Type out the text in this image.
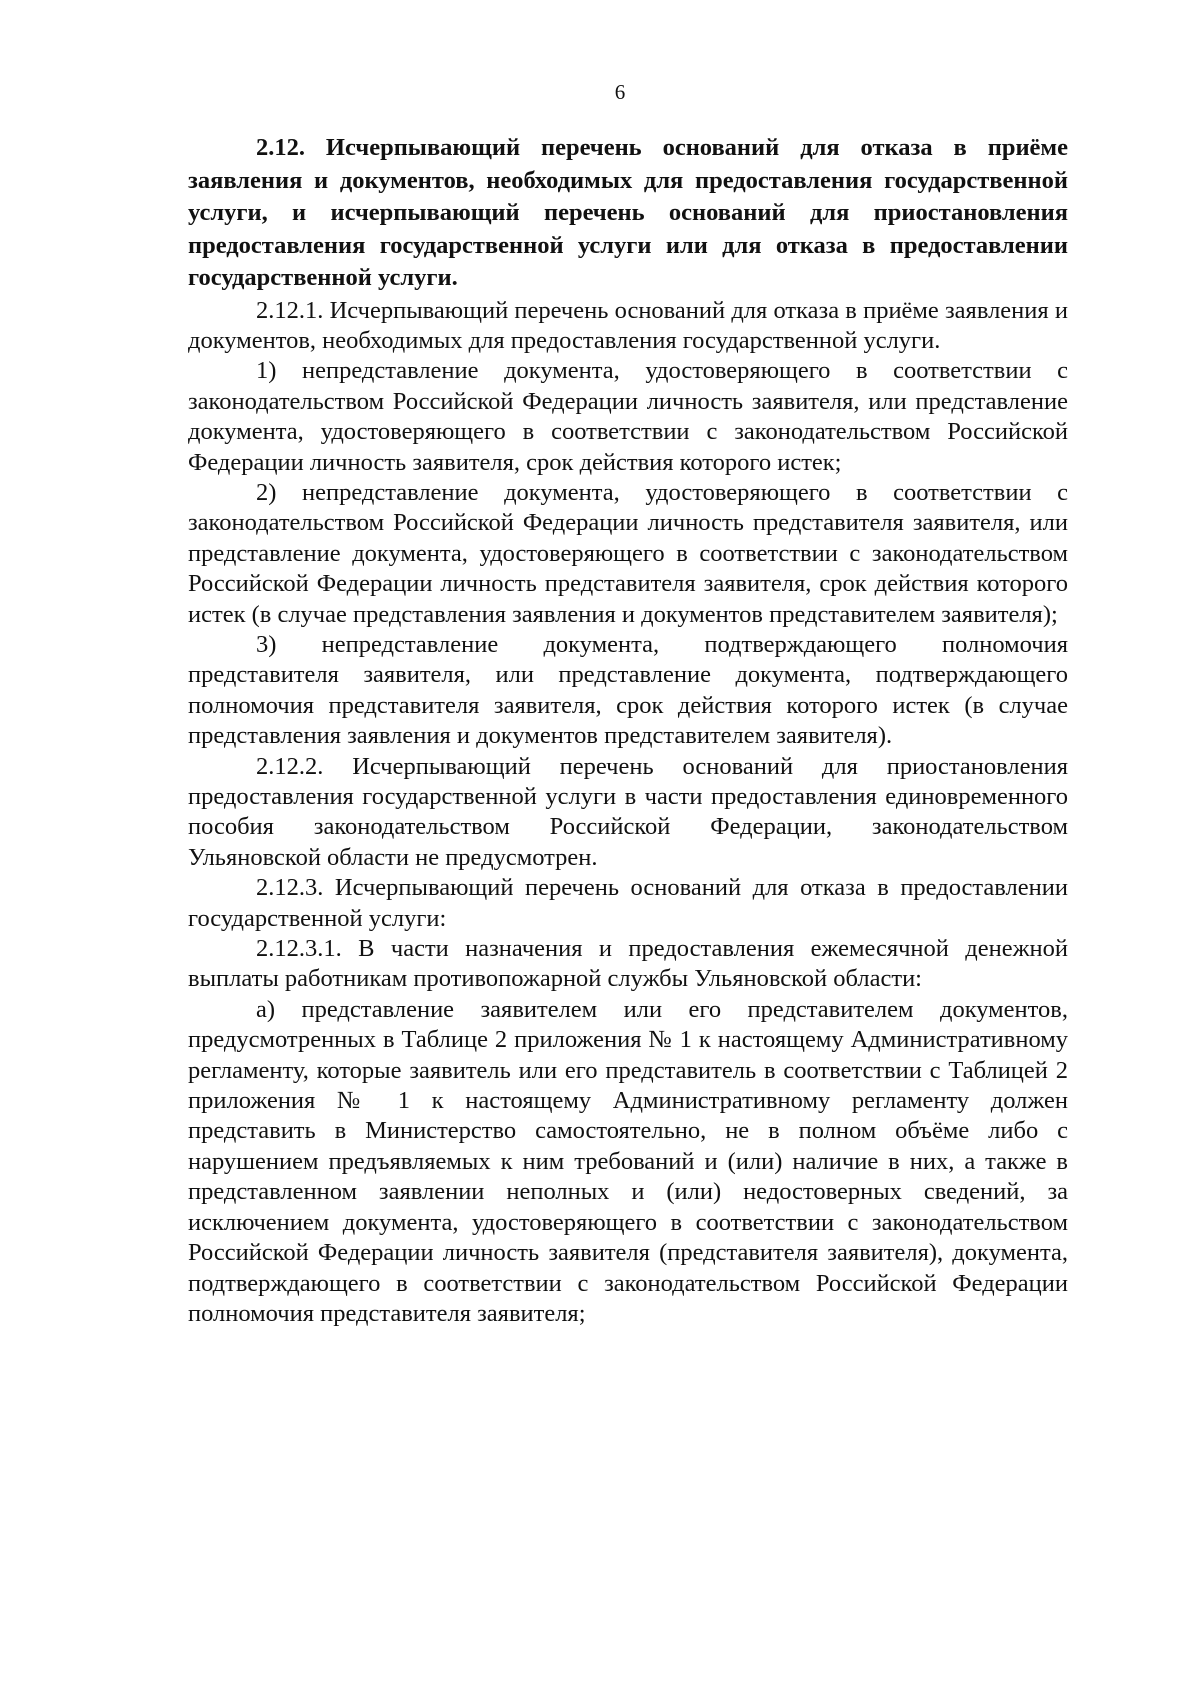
6

2.12. Исчерпывающий перечень оснований для отказа в приёме заявления и документов, необходимых для предоставления государственной услуги, и исчерпывающий перечень оснований для приостановления предоставления государственной услуги или для отказа в предоставлении государственной услуги.

2.12.1. Исчерпывающий перечень оснований для отказа в приёме заявления и документов, необходимых для предоставления государственной услуги.

1) непредставление документа, удостоверяющего в соответствии с законодательством Российской Федерации личность заявителя, или представление документа, удостоверяющего в соответствии с законодательством Российской Федерации личность заявителя, срок действия которого истек;

2) непредставление документа, удостоверяющего в соответствии с законодательством Российской Федерации личность представителя заявителя, или представление документа, удостоверяющего в соответствии с законодательством Российской Федерации личность представителя заявителя, срок действия которого истек (в случае представления заявления и документов представителем заявителя);

3) непредставление документа, подтверждающего полномочия представителя заявителя, или представление документа, подтверждающего полномочия представителя заявителя, срок действия которого истек (в случае представления заявления и документов представителем заявителя).

2.12.2. Исчерпывающий перечень оснований для приостановления предоставления государственной услуги в части предоставления единовременного пособия законодательством Российской Федерации, законодательством Ульяновской области не предусмотрен.

2.12.3. Исчерпывающий перечень оснований для отказа в предоставлении государственной услуги:

2.12.3.1. В части назначения и предоставления ежемесячной денежной выплаты работникам противопожарной службы Ульяновской области:

а) представление заявителем или его представителем документов, предусмотренных в Таблице 2 приложения № 1 к настоящему Административному регламенту, которые заявитель или его представитель в соответствии с Таблицей 2 приложения № 1 к настоящему Административному регламенту должен представить в Министерство самостоятельно, не в полном объёме либо с нарушением предъявляемых к ним требований и (или) наличие в них, а также в представленном заявлении неполных и (или) недостоверных сведений, за исключением документа, удостоверяющего в соответствии с законодательством Российской Федерации личность заявителя (представителя заявителя), документа, подтверждающего в соответствии с законодательством Российской Федерации полномочия представителя заявителя;
